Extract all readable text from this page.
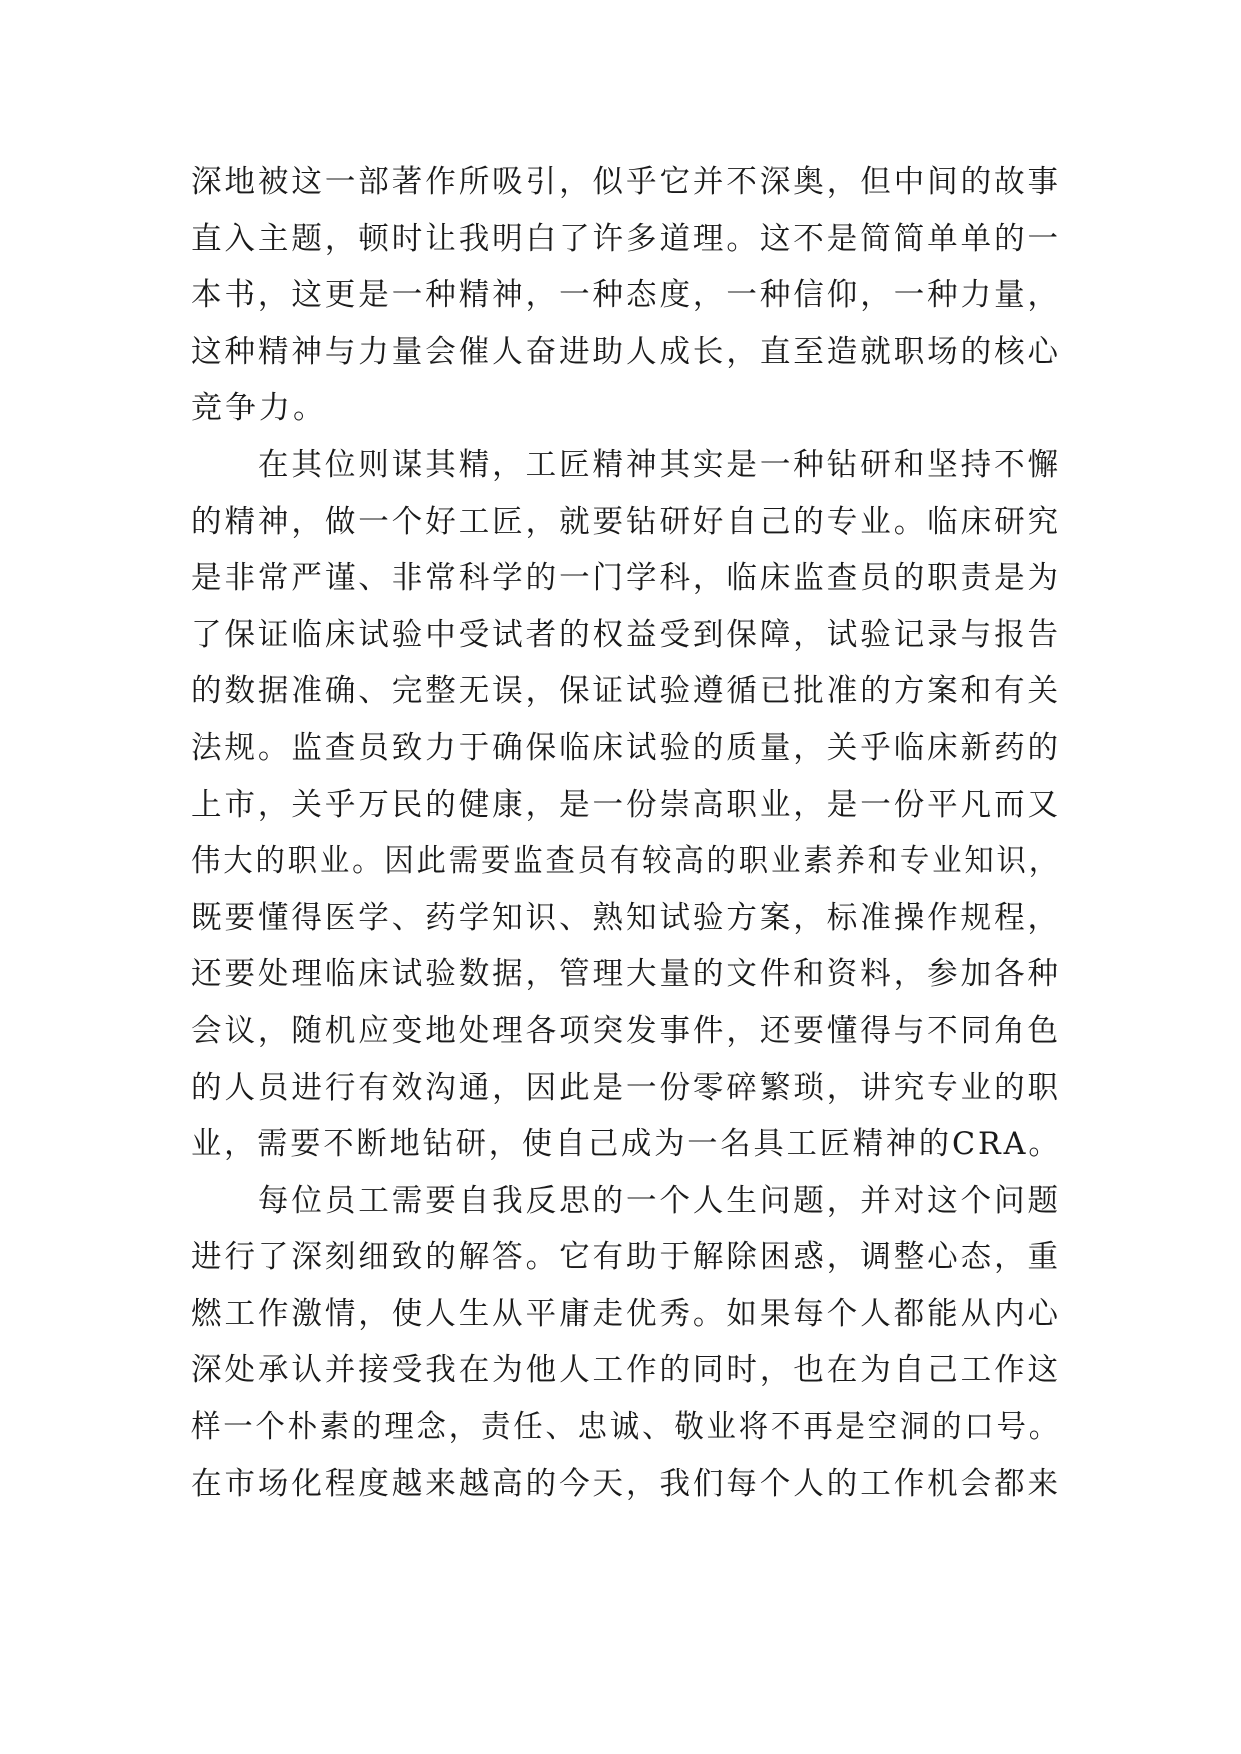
深地被这一部著作所吸引，似乎它并不深奥，但中间的故事
直入主题，顿时让我明白了许多道理。这不是简简单单的一
本书，这更是一种精神，一种态度，一种信仰，一种力量，
这种精神与力量会催人奋进助人成长，直至造就职场的核心
竞争力。
　　在其位则谋其精，工匠精神其实是一种钻研和坚持不懈
的精神，做一个好工匠，就要钻研好自己的专业。临床研究
是非常严谨、非常科学的一门学科，临床监查员的职责是为
了保证临床试验中受试者的权益受到保障，试验记录与报告
的数据准确、完整无误，保证试验遵循已批准的方案和有关
法规。监查员致力于确保临床试验的质量，关乎临床新药的
上市，关乎万民的健康，是一份崇高职业，是一份平凡而又
伟大的职业。因此需要监查员有较高的职业素养和专业知识，
既要懂得医学、药学知识、熟知试验方案，标准操作规程，
还要处理临床试验数据，管理大量的文件和资料，参加各种
会议，随机应变地处理各项突发事件，还要懂得与不同角色
的人员进行有效沟通，因此是一份零碎繁琐，讲究专业的职
业，需要不断地钻研，使自己成为一名具工匠精神的CRA。
　　每位员工需要自我反思的一个人生问题，并对这个问题
进行了深刻细致的解答。它有助于解除困惑，调整心态，重
燃工作激情，使人生从平庸走优秀。如果每个人都能从内心
深处承认并接受我在为他人工作的同时，也在为自己工作这
样一个朴素的理念，责任、忠诚、敬业将不再是空洞的口号。
在市场化程度越来越高的今天，我们每个人的工作机会都来
